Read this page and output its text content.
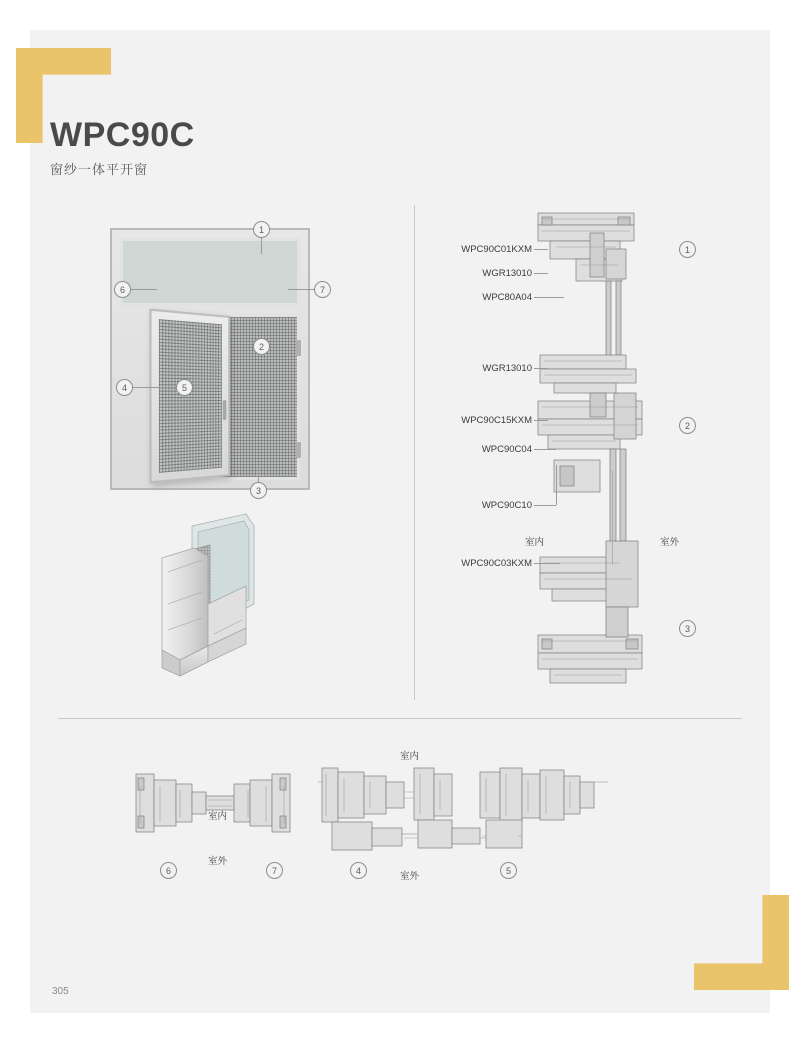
WPC90C
窗纱一体平开窗
1
6	7
2
4	5
3
WPC90C01KXM
WGR13010
WPC80A04
WGR13010
WPC90C15KXM
WPC90C04
WPC90C10
WPC90C03KXM
室内	室外
1
2
3
室内
室外
6	7
室内
室外
4	5
305
